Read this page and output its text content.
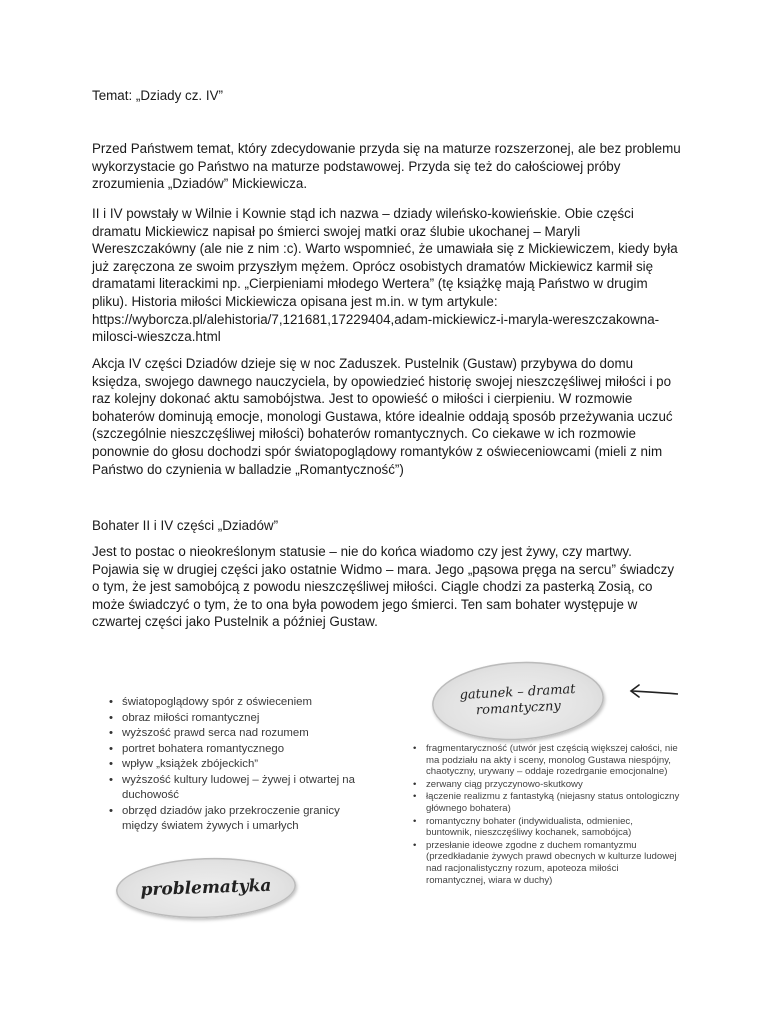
Temat: „Dziady cz. IV”

Przed Państwem temat, który zdecydowanie przyda się na maturze rozszerzonej, ale bez problemu wykorzystacie go Państwo na maturze podstawowej. Przyda się też do całościowej próby zrozumienia „Dziadów” Mickiewicza.

II i IV powstały w Wilnie i Kownie stąd ich nazwa – dziady wileńsko-kowieńskie. Obie części dramatu Mickiewicz napisał po śmierci swojej matki oraz ślubie ukochanej – Maryli Wereszczakówny (ale nie z nim :c). Warto wspomnieć, że umawiała się z Mickiewiczem, kiedy była już zaręczona ze swoim przyszłym mężem. Oprócz osobistych dramatów Mickiewicz karmił się dramatami literackimi np. „Cierpieniami młodego Wertera” (tę książkę mają Państwo w drugim pliku). Historia miłości Mickiewicza opisana jest m.in. w tym artykule: https://wyborcza.pl/alehistoria/7,121681,17229404,adam-mickiewicz-i-maryla-wereszczakowna-milosci-wieszcza.html

Akcja IV części Dziadów dzieje się w noc Zaduszek. Pustelnik (Gustaw) przybywa do domu księdza, swojego dawnego nauczyciela, by opowiedzieć historię swojej nieszczęśliwej miłości i po raz kolejny dokonać aktu samobójstwa. Jest to opowieść o miłości i cierpieniu. W rozmowie bohaterów dominują emocje, monologi Gustawa, które idealnie oddają sposób przeżywania uczuć (szczególnie nieszczęśliwej miłości) bohaterów romantycznych. Co ciekawe w ich rozmowie ponownie do głosu dochodzi spór światopoglądowy romantyków z oświeceniowcami (mieli z nim Państwo do czynienia w balladzie „Romantyczność”)

Bohater II i IV części „Dziadów”

Jest to postac o nieokreślonym statusie – nie do końca wiadomo czy jest żywy, czy martwy. Pojawia się w drugiej części jako ostatnie Widmo – mara. Jego „pąsowa pręga na sercu” świadczy o tym, że jest samobójcą z powodu nieszczęśliwej miłości. Ciągle chodzi za pasterką Zosią, co może świadczyć o tym, że to ona była powodem jego śmierci. Ten sam bohater występuje w czwartej części jako Pustelnik a później Gustaw.

• światopoglądowy spór z oświeceniem
• obraz miłości romantycznej
• wyższość prawd serca nad rozumem
• portret bohatera romantycznego
• wpływ „książek zbójeckich”
• wyższość kultury ludowej – żywej i otwartej na duchowość
• obrzęd dziadów jako przekroczenie granicy między światem żywych i umarłych
gatunek – dramat romantyczny
• fragmentaryczność (utwór jest częścią większej całości, nie ma podziału na akty i sceny, monolog Gustawa niespójny, chaotyczny, urywany – oddaje rozedrganie emocjonalne)
• zerwany ciąg przyczynowo-skutkowy
• łączenie realizmu z fantastyką (niejasny status ontologiczny głównego bohatera)
• romantyczny bohater (indywidualista, odmieniec, buntownik, nieszczęśliwy kochanek, samobójca)
• przesłanie ideowe zgodne z duchem romantyzmu (przedkładanie żywych prawd obecnych w kulturze ludowej nad racjonalistyczny rozum, apoteoza miłości romantycznej, wiara w duchy)
problematyka
